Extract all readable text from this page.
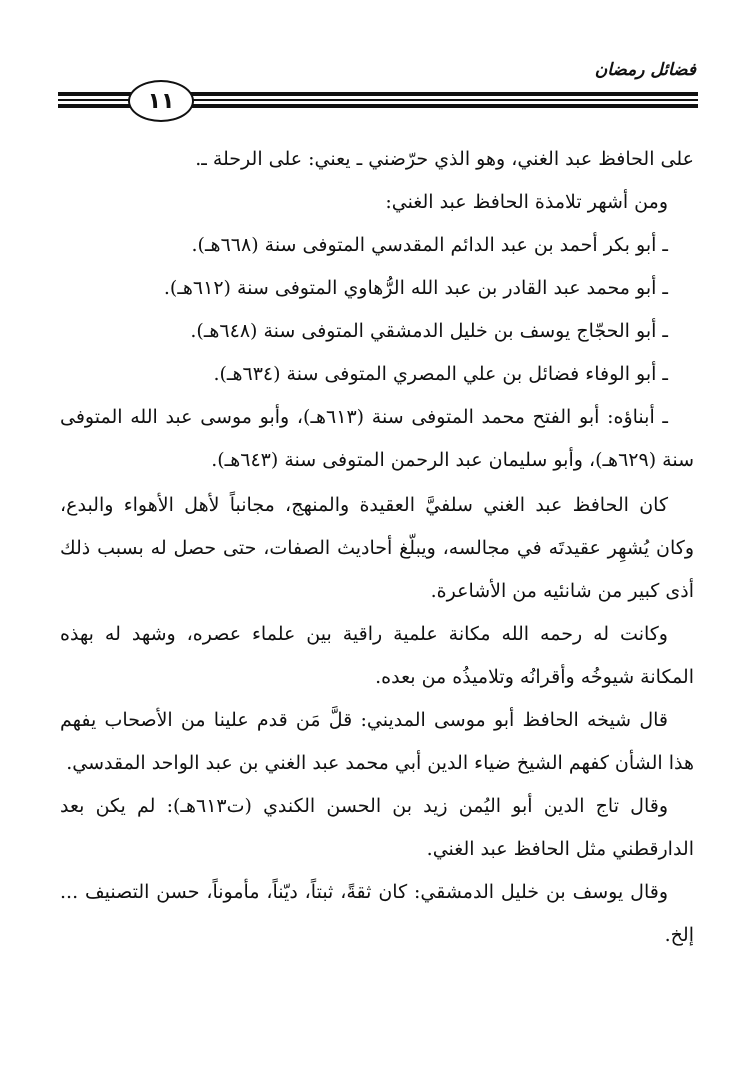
فضائل رمضان
١١

على الحافظ عبد الغني، وهو الذي حرّضني ـ يعني: على الرحلة ـ.

ومن أشهر تلامذة الحافظ عبد الغني:

ـ أبو بكر أحمد بن عبد الدائم المقدسي المتوفى سنة (٦٦٨هـ).

ـ أبو محمد عبد القادر بن عبد الله الرُّهاوي المتوفى سنة (٦١٢هـ).

ـ أبو الحجّاج يوسف بن خليل الدمشقي المتوفى سنة (٦٤٨هـ).

ـ أبو الوفاء فضائل بن علي المصري المتوفى سنة (٦٣٤هـ).

ـ أبناؤه: أبو الفتح محمد المتوفى سنة (٦١٣هـ)، وأبو موسى عبد الله المتوفى سنة (٦٢٩هـ)، وأبو سليمان عبد الرحمن المتوفى سنة (٦٤٣هـ).

كان الحافظ عبد الغني سلفيَّ العقيدة والمنهج، مجانباً لأهل الأهواء والبدع، وكان يُشهِر عقيدتَه في مجالسه، ويبلّغ أحاديث الصفات، حتى حصل له بسبب ذلك أذى كبير من شانئيه من الأشاعرة.

وكانت له رحمه الله مكانة علمية راقية بين علماء عصره، وشهد له بهذه المكانة شيوخُه وأقرانُه وتلاميذُه من بعده.

قال شيخه الحافظ أبو موسى المديني: قلَّ مَن قدم علينا من الأصحاب يفهم هذا الشأن كفهم الشيخ ضياء الدين أبي محمد عبد الغني بن عبد الواحد المقدسي.

وقال تاج الدين أبو اليُمن زيد بن الحسن الكندي (ت٦١٣هـ): لم يكن بعد الدارقطني مثل الحافظ عبد الغني.

وقال يوسف بن خليل الدمشقي: كان ثقةً، ثبتاً، ديّناً، مأموناً، حسن التصنيف ... إلخ.
